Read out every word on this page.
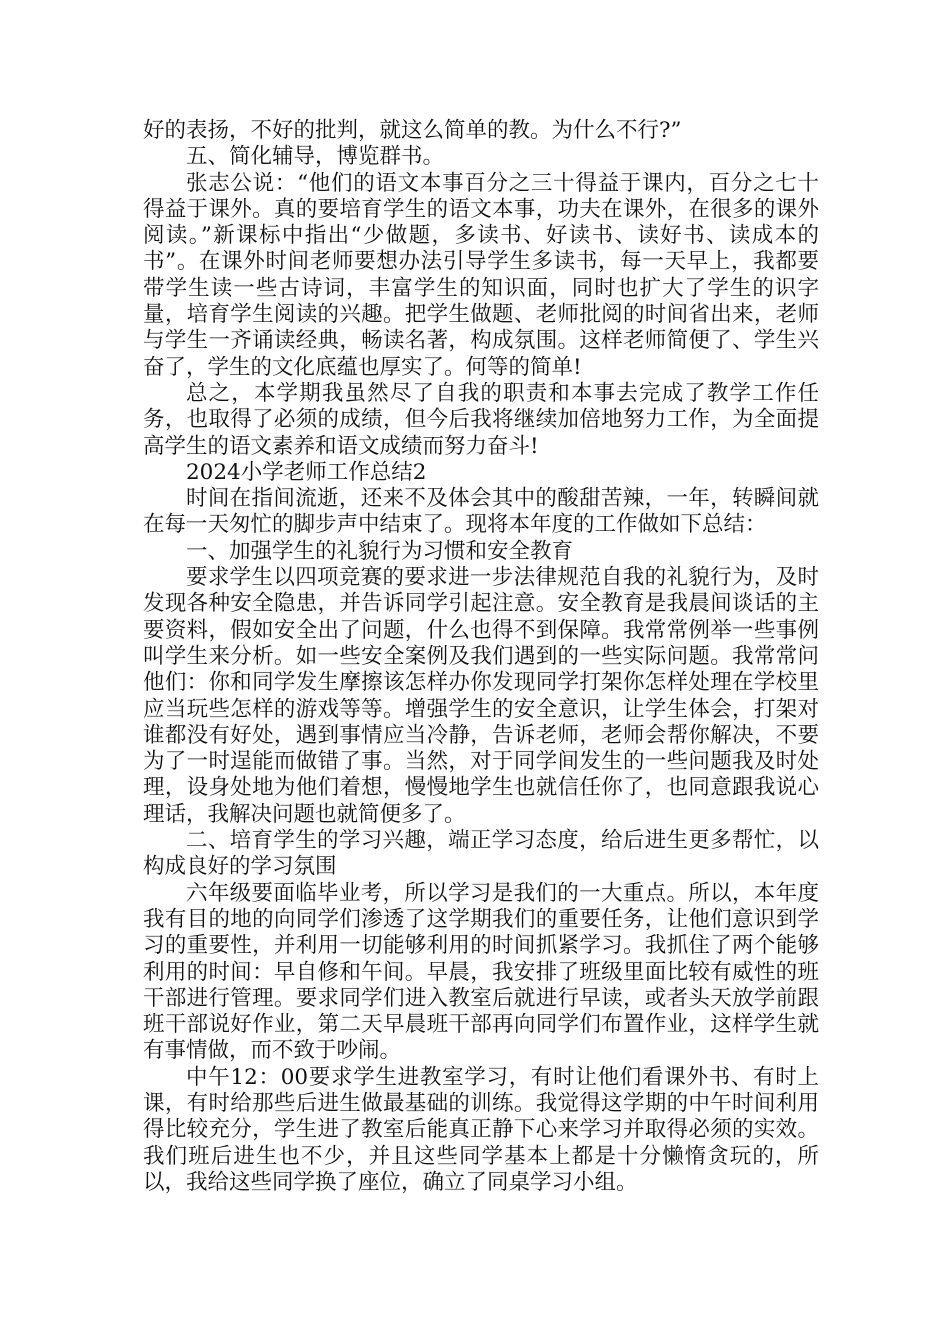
好的表扬，不好的批判，就这么简单的教。为什么不行?”

五、简化辅导，博览群书。

张志公说：“他们的语文本事百分之三十得益于课内，百分之七十得益于课外。真的要培育学生的语文本事，功夫在课外，在很多的课外阅读。”新课标中指出“少做题，多读书、好读书、读好书、读成本的书”。在课外时间老师要想办法引导学生多读书，每一天早上，我都要带学生读一些古诗词，丰富学生的知识面，同时也扩大了学生的识字量，培育学生阅读的兴趣。把学生做题、老师批阅的时间省出来，老师与学生一齐诵读经典，畅读名著，构成氛围。这样老师简便了、学生兴奋了，学生的文化底蕴也厚实了。何等的简单!

总之，本学期我虽然尽了自我的职责和本事去完成了教学工作任务，也取得了必须的成绩，但今后我将继续加倍地努力工作，为全面提高学生的语文素养和语文成绩而努力奋斗!

2024小学老师工作总结2

时间在指间流逝，还来不及体会其中的酸甜苦辣，一年，转瞬间就在每一天匆忙的脚步声中结束了。现将本年度的工作做如下总结：

一、加强学生的礼貌行为习惯和安全教育

要求学生以四项竞赛的要求进一步法律规范自我的礼貌行为，及时发现各种安全隐患，并告诉同学引起注意。安全教育是我晨间谈话的主要资料，假如安全出了问题，什么也得不到保障。我常常例举一些事例叫学生来分析。如一些安全案例及我们遇到的一些实际问题。我常常问他们：你和同学发生摩擦该怎样办你发现同学打架你怎样处理在学校里应当玩些怎样的游戏等等。增强学生的安全意识，让学生体会，打架对谁都没有好处，遇到事情应当冷静，告诉老师，老师会帮你解决，不要为了一时逞能而做错了事。当然，对于同学间发生的一些问题我及时处理，设身处地为他们着想，慢慢地学生也就信任你了，也同意跟我说心理话，我解决问题也就简便多了。

二、培育学生的学习兴趣，端正学习态度，给后进生更多帮忙，以构成良好的学习氛围

六年级要面临毕业考，所以学习是我们的一大重点。所以，本年度我有目的地的向同学们渗透了这学期我们的重要任务，让他们意识到学习的重要性，并利用一切能够利用的时间抓紧学习。我抓住了两个能够利用的时间：早自修和午间。早晨，我安排了班级里面比较有威性的班干部进行管理。要求同学们进入教室后就进行早读，或者头天放学前跟班干部说好作业，第二天早晨班干部再向同学们布置作业，这样学生就有事情做，而不致于吵闹。

中午12：00要求学生进教室学习，有时让他们看课外书、有时上课，有时给那些后进生做最基础的训练。我觉得这学期的中午时间利用得比较充分，学生进了教室后能真正静下心来学习并取得必须的实效。我们班后进生也不少，并且这些同学基本上都是十分懒惰贪玩的，所以，我给这些同学换了座位，确立了同桌学习小组。
